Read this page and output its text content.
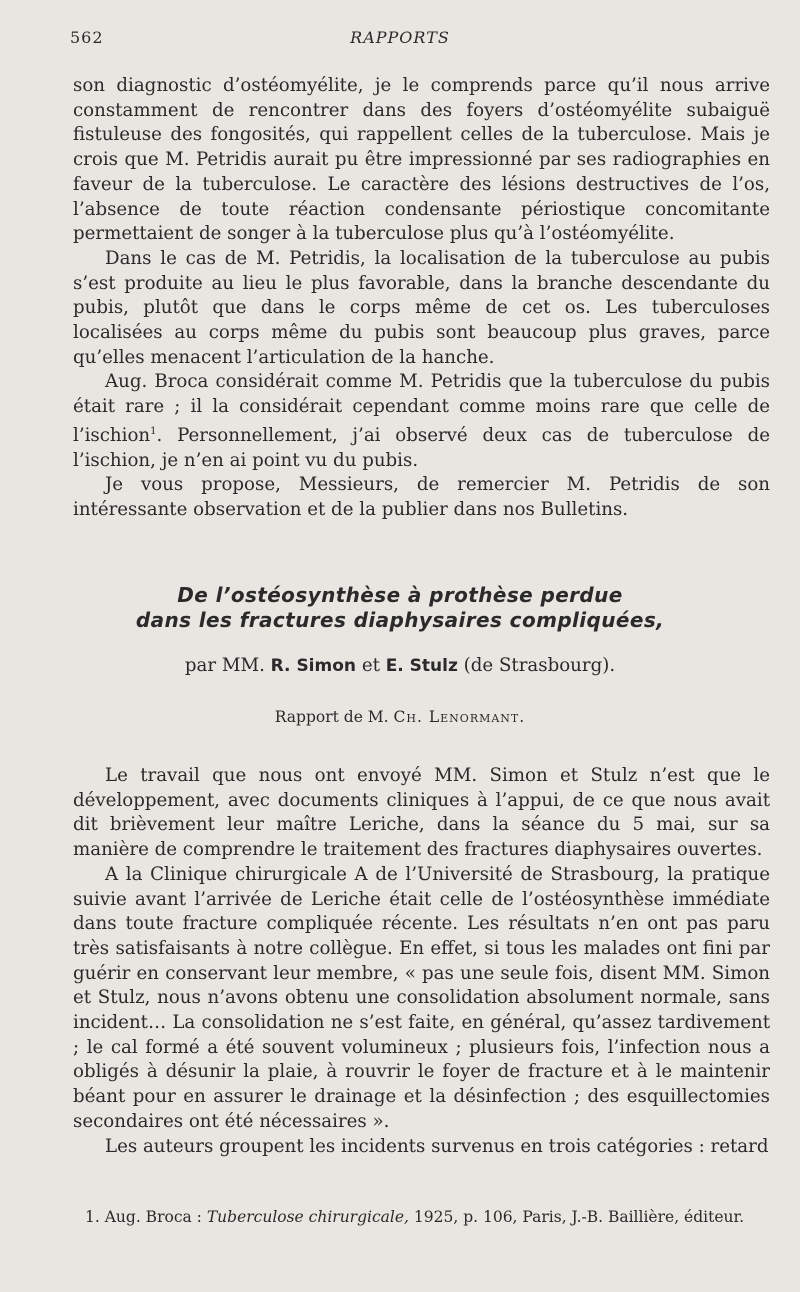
562	RAPPORTS

son diagnostic d’ostéomyélite, je le comprends parce qu’il nous arrive constamment de rencontrer dans des foyers d’ostéomyélite subaiguë fistuleuse des fongosités, qui rappellent celles de la tuberculose. Mais je crois que M. Petridis aurait pu être impressionné par ses radiographies en faveur de la tuberculose. Le caractère des lésions destructives de l’os, l’absence de toute réaction condensante périostique concomitante permettaient de songer à la tuberculose plus qu’à l’ostéomyélite.

Dans le cas de M. Petridis, la localisation de la tuberculose au pubis s’est produite au lieu le plus favorable, dans la branche descendante du pubis, plutôt que dans le corps même de cet os. Les tuberculoses localisées au corps même du pubis sont beaucoup plus graves, parce qu’elles menacent l’articulation de la hanche.

Aug. Broca considérait comme M. Petridis que la tuberculose du pubis était rare ; il la considérait cependant comme moins rare que celle de l’ischion$^1$. Personnellement, j’ai observé deux cas de tuberculose de l’ischion, je n’en ai point vu du pubis.

Je vous propose, Messieurs, de remercier M. Petridis de son intéressante observation et de la publier dans nos Bulletins.

De l’ostéosynthèse à prothèse perdue
dans les fractures diaphysaires compliquées,
par MM. R. Simon et E. Stulz (de Strasbourg).
Rapport de M. Ch. Lenormant.

Le travail que nous ont envoyé MM. Simon et Stulz n’est que le développement, avec documents cliniques à l’appui, de ce que nous avait dit brièvement leur maître Leriche, dans la séance du 5 mai, sur sa manière de comprendre le traitement des fractures diaphysaires ouvertes.

A la Clinique chirurgicale A de l’Université de Strasbourg, la pratique suivie avant l’arrivée de Leriche était celle de l’ostéosynthèse immédiate dans toute fracture compliquée récente. Les résultats n’en ont pas paru très satisfaisants à notre collègue. En effet, si tous les malades ont fini par guérir en conservant leur membre, « pas une seule fois, disent MM. Simon et Stulz, nous n’avons obtenu une consolidation absolument normale, sans incident… La consolidation ne s’est faite, en général, qu’assez tardivement ; le cal formé a été souvent volumineux ; plusieurs fois, l’infection nous a obligés à désunir la plaie, à rouvrir le foyer de fracture et à le maintenir béant pour en assurer le drainage et la désinfection ; des esquillectomies secondaires ont été nécessaires ».

Les auteurs groupent les incidents survenus en trois catégories : retard

1. Aug. Broca : Tuberculose chirurgicale, 1925, p. 106, Paris, J.-B. Baillière, éditeur.
